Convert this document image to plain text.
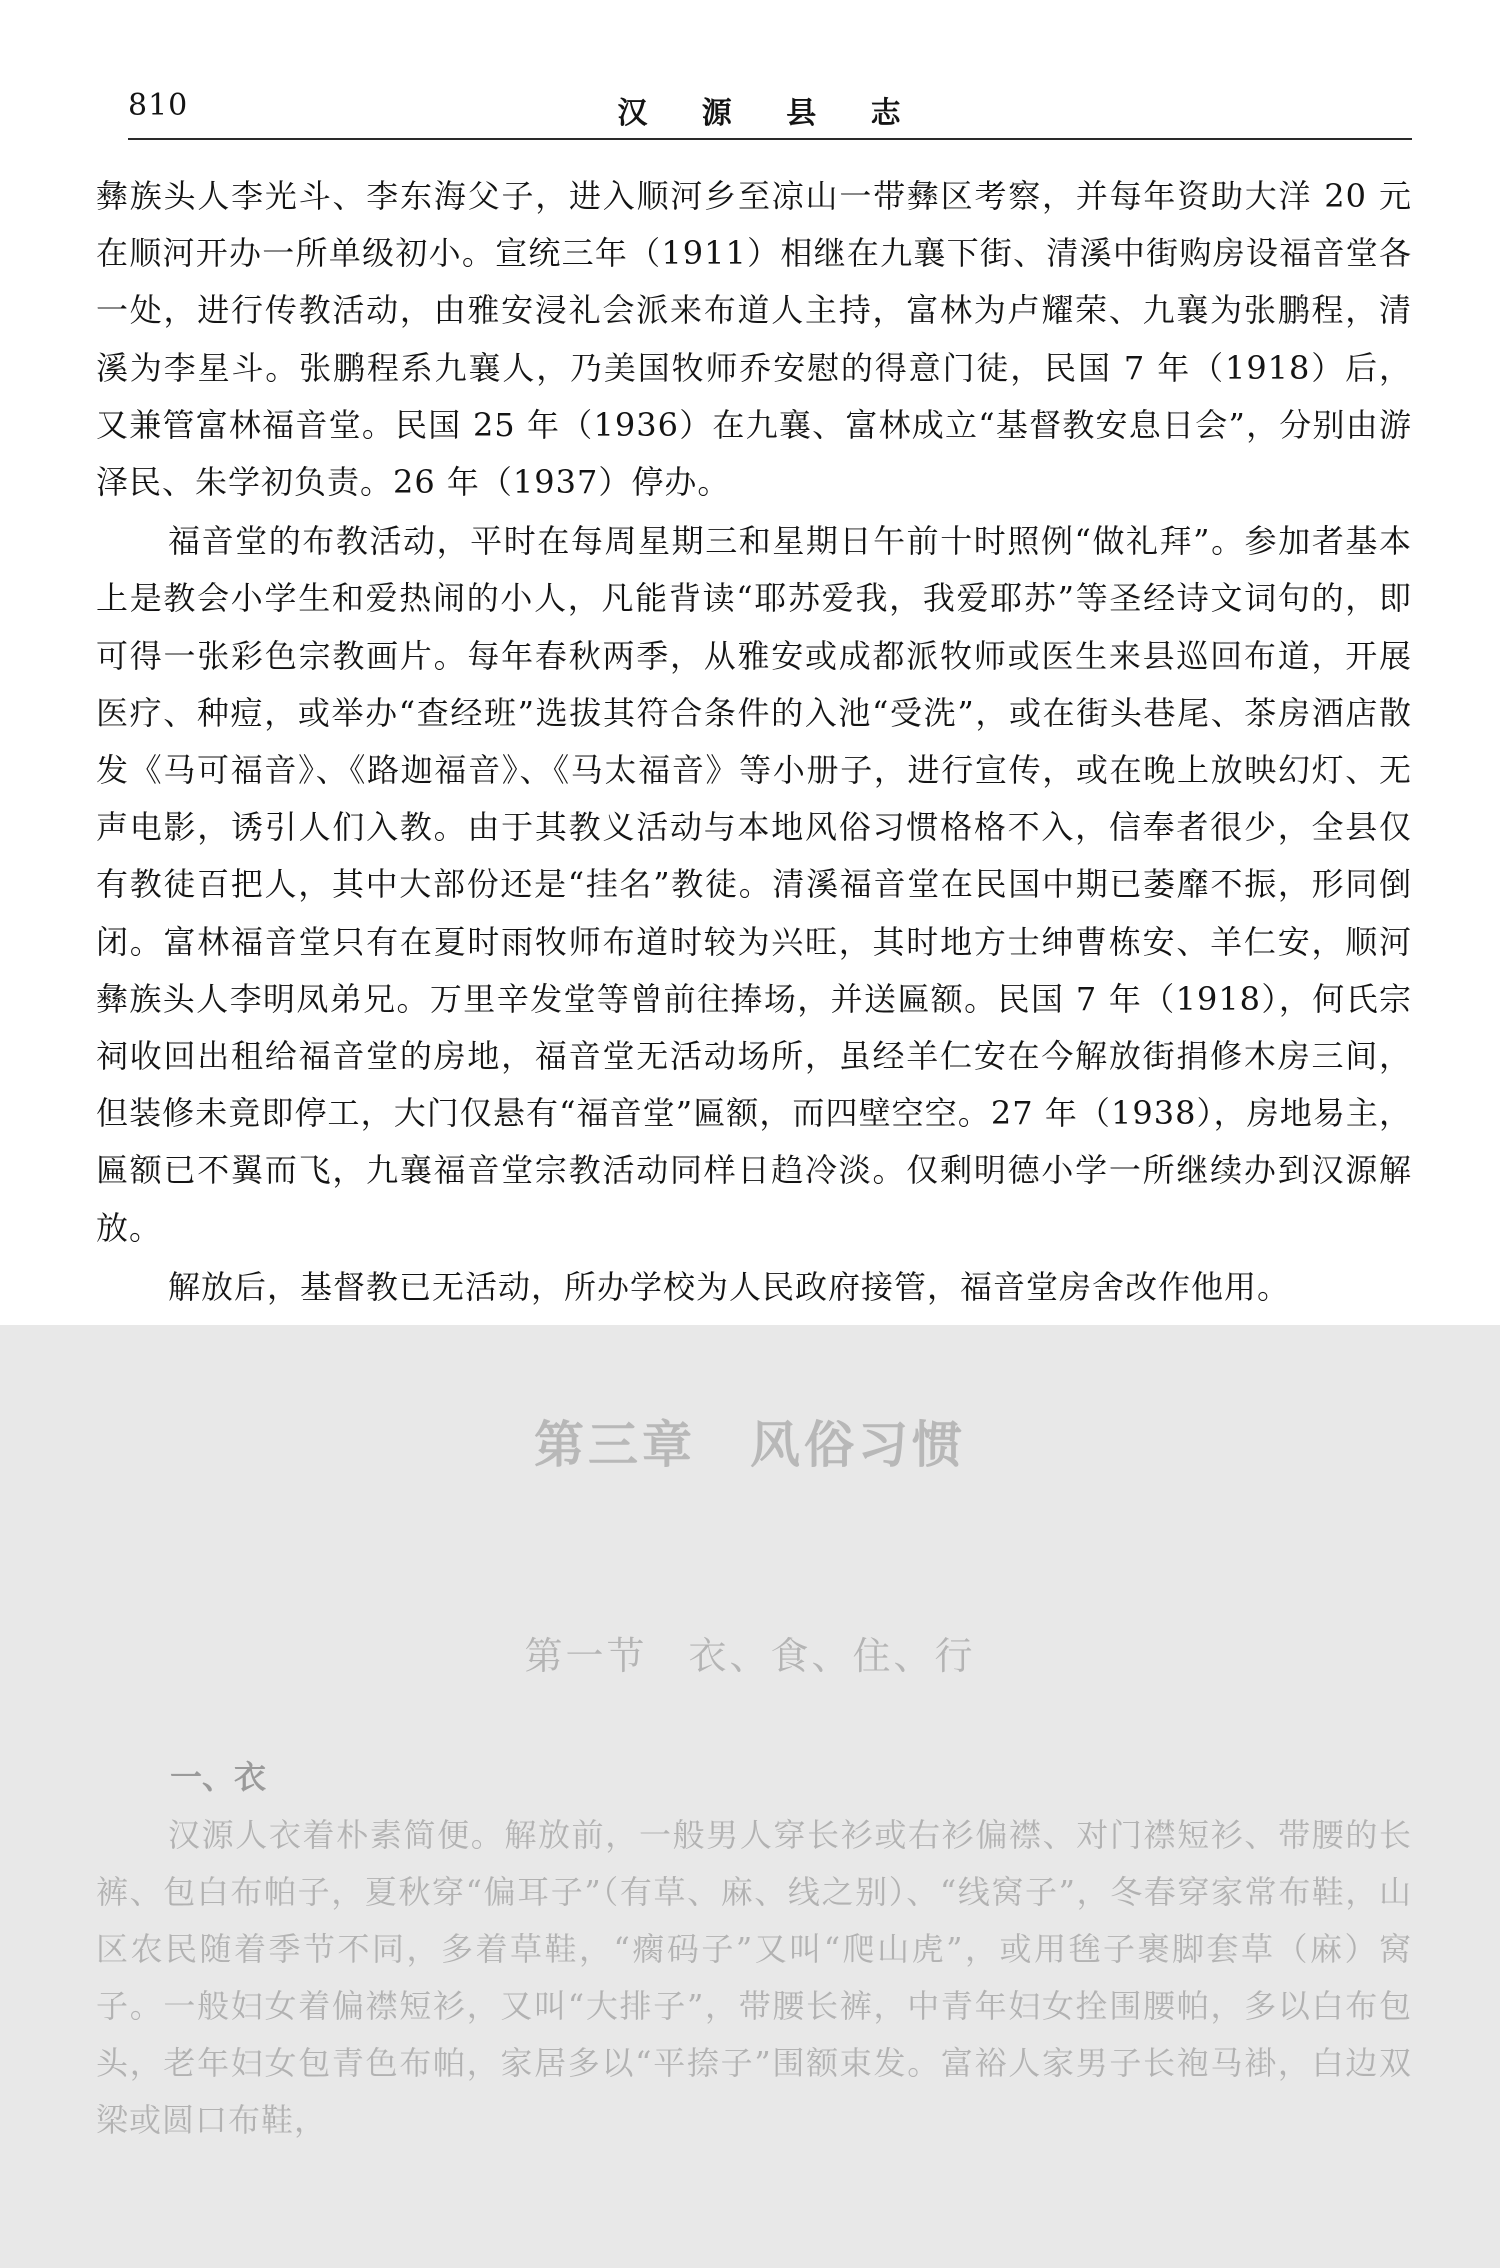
810	汉 源 县 志

彝族头人李光斗、李东海父子，进入顺河乡至凉山一带彝区考察，并每年资助大洋 20 元在顺河开办一所单级初小。宣统三年（1911）相继在九襄下街、清溪中街购房设福音堂各一处，进行传教活动，由雅安浸礼会派来布道人主持，富林为卢耀荣、九襄为张鹏程，清溪为李星斗。张鹏程系九襄人，乃美国牧师乔安慰的得意门徒，民国 7 年（1918）后，又兼管富林福音堂。民国 25 年（1936）在九襄、富林成立“基督教安息日会”，分别由游泽民、朱学初负责。26 年（1937）停办。

福音堂的布教活动，平时在每周星期三和星期日午前十时照例“做礼拜”。参加者基本上是教会小学生和爱热闹的小人，凡能背读“耶苏爱我，我爱耶苏”等圣经诗文词句的，即可得一张彩色宗教画片。每年春秋两季，从雅安或成都派牧师或医生来县巡回布道，开展医疗、种痘，或举办“查经班”选拔其符合条件的入池“受洗”，或在街头巷尾、茶房酒店散发《马可福音》、《路迦福音》、《马太福音》等小册子，进行宣传，或在晚上放映幻灯、无声电影，诱引人们入教。由于其教义活动与本地风俗习惯格格不入，信奉者很少，全县仅有教徒百把人，其中大部份还是“挂名”教徒。清溪福音堂在民国中期已萎靡不振，形同倒闭。富林福音堂只有在夏时雨牧师布道时较为兴旺，其时地方士绅曹栋安、羊仁安，顺河彝族头人李明凤弟兄。万里辛发堂等曾前往捧场，并送匾额。民国 7 年（1918），何氏宗祠收回出租给福音堂的房地，福音堂无活动场所，虽经羊仁安在今解放街捐修木房三间，但装修未竟即停工，大门仅悬有“福音堂”匾额，而四壁空空。27 年（1938），房地易主，匾额已不翼而飞，九襄福音堂宗教活动同样日趋冷淡。仅剩明德小学一所继续办到汉源解放。

解放后，基督教已无活动，所办学校为人民政府接管，福音堂房舍改作他用。

第三章　风俗习惯
第一节　衣、食、住、行
一、衣

汉源人衣着朴素简便。解放前，一般男人穿长衫或右衫偏襟、对门襟短衫、带腰的长裤、包白布帕子，夏秋穿“偏耳子”（有草、麻、线之别）、“线窝子”，冬春穿家常布鞋，山区农民随着季节不同，多着草鞋，“瘸码子”又叫“爬山虎”，或用毪子裹脚套草（麻）窝子。一般妇女着偏襟短衫，又叫“大排子”，带腰长裤，中青年妇女拴围腰帕，多以白布包头，老年妇女包青色布帕，家居多以“平捺子”围额束发。富裕人家男子长袍马褂，白边双梁或圆口布鞋，
